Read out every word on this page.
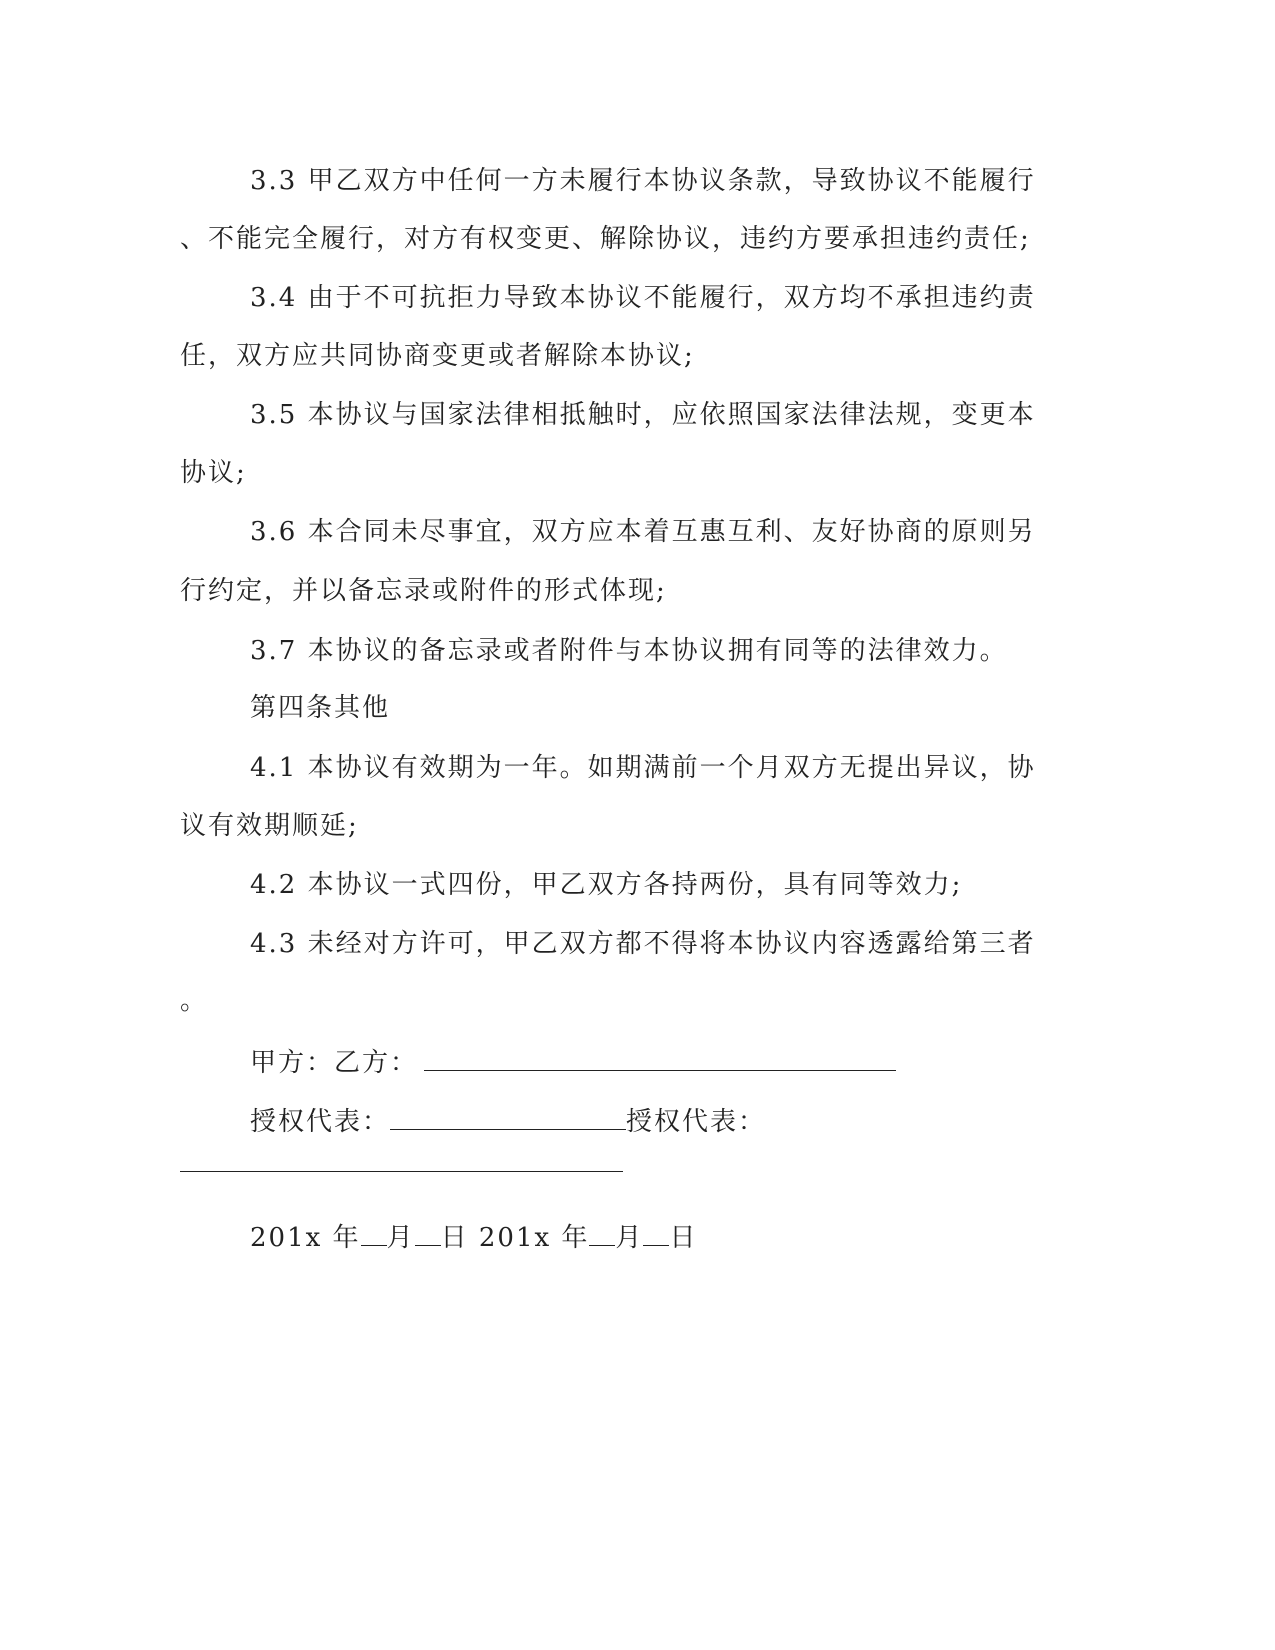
3.3 甲乙双方中任何一方未履行本协议条款，导致协议不能履行
、不能完全履行，对方有权变更、解除协议，违约方要承担违约责任;
3.4 由于不可抗拒力导致本协议不能履行，双方均不承担违约责
任，双方应共同协商变更或者解除本协议;
3.5 本协议与国家法律相抵触时，应依照国家法律法规，变更本
协议;
3.6 本合同未尽事宜，双方应本着互惠互利、友好协商的原则另
行约定，并以备忘录或附件的形式体现;
3.7 本协议的备忘录或者附件与本协议拥有同等的法律效力。
第四条其他
4.1 本协议有效期为一年。如期满前一个月双方无提出异议，协
议有效期顺延;
4.2 本协议一式四份，甲乙双方各持两份，具有同等效力;
4.3 未经对方许可，甲乙双方都不得将本协议内容透露给第三者
。
甲方：乙方：
授权代表：	授权代表：
201x 年 月 日 201x 年 月 日
